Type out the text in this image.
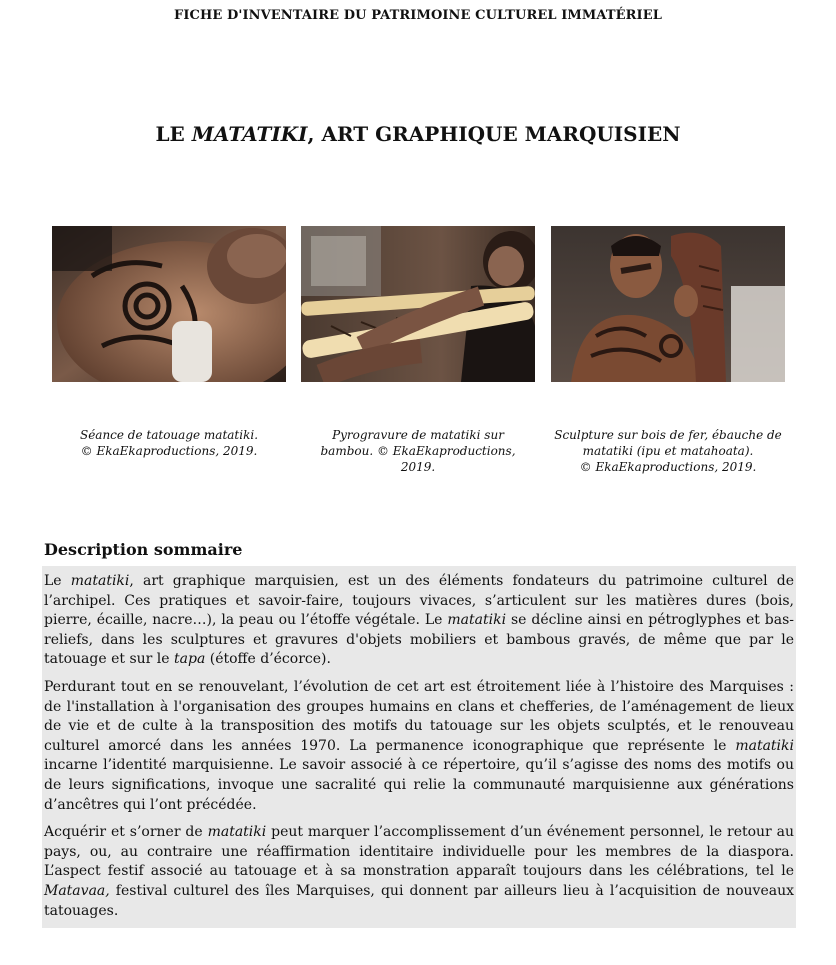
FICHE D'INVENTAIRE DU PATRIMOINE CULTUREL IMMATÉRIEL
LE MATATIKI, ART GRAPHIQUE MARQUISIEN
Séance de tatouage matatiki.
© EkaEkaproductions, 2019.
Pyrogravure de matatiki sur
bambou. © EkaEkaproductions,
2019.
Sculpture sur bois de fer, ébauche de
matatiki (ipu et matahoata).
© EkaEkaproductions, 2019.
Description sommaire

Le matatiki, art graphique marquisien, est un des éléments fondateurs du patrimoine culturel de l’archipel. Ces pratiques et savoir-faire, toujours vivaces, s’articulent sur les matières dures (bois, pierre, écaille, nacre…), la peau ou l’étoffe végétale. Le matatiki se décline ainsi en pétroglyphes et bas-reliefs, dans les sculptures et gravures d'objets mobiliers et bambous gravés, de même que par le tatouage et sur le tapa (étoffe d’écorce).

Perdurant tout en se renouvelant, l’évolution de cet art est étroitement liée à l’histoire des Marquises : de l'installation à l'organisation des groupes humains en clans et chefferies, de l’aménagement de lieux de vie et de culte à la transposition des motifs du tatouage sur les objets sculptés, et le renouveau culturel amorcé dans les années 1970. La permanence iconographique que représente le matatiki incarne l’identité marquisienne. Le savoir associé à ce répertoire, qu’il s’agisse des noms des motifs ou de leurs significations, invoque une sacralité qui relie la communauté marquisienne aux générations d’ancêtres qui l’ont précédée.

Acquérir et s’orner de matatiki peut marquer l’accomplissement d’un événement personnel, le retour au pays, ou, au contraire une réaffirmation identitaire individuelle pour les membres de la diaspora. L’aspect festif associé au tatouage et à sa monstration apparaît toujours dans les célébrations, tel le Matavaa, festival culturel des îles Marquises, qui donnent par ailleurs lieu à l’acquisition de nouveaux tatouages.
